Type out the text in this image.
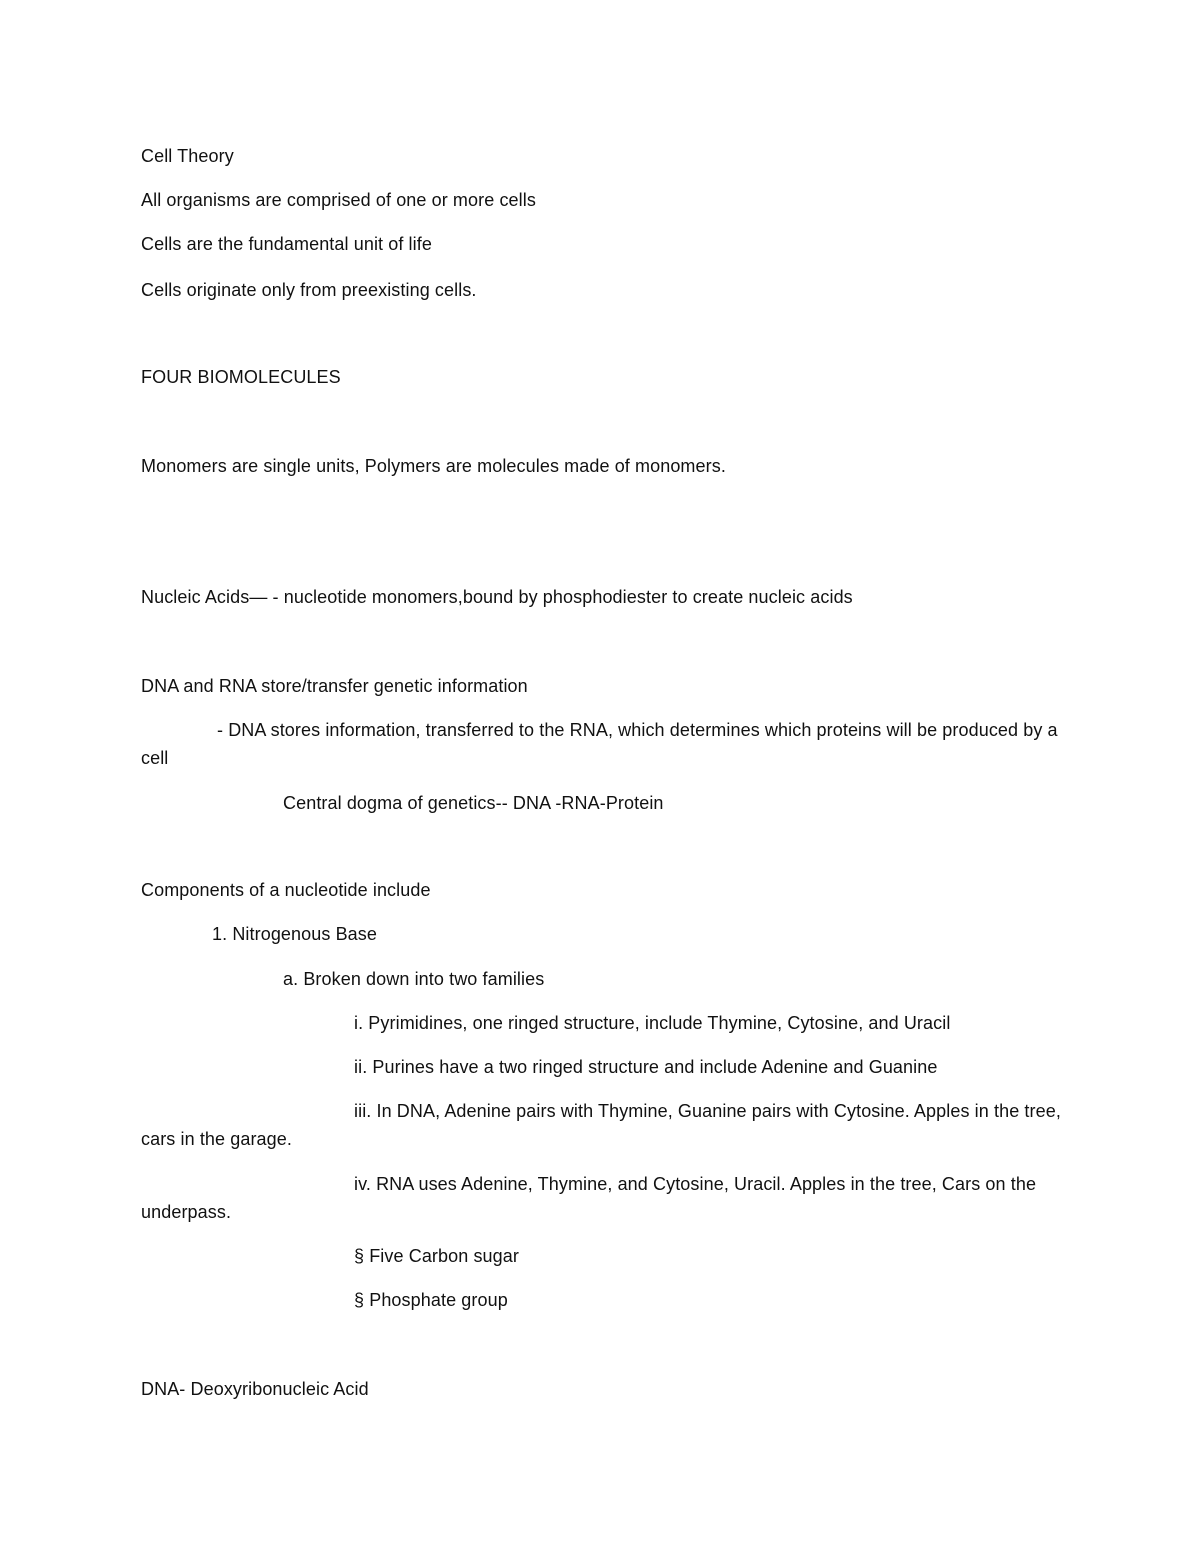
Cell Theory
All organisms are comprised of one or more cells
Cells are the fundamental unit of life
Cells originate only from preexisting cells.
FOUR BIOMOLECULES
Monomers are single units, Polymers are molecules made of monomers.
Nucleic Acids— - nucleotide monomers,bound by phosphodiester to create nucleic acids
DNA and RNA store/transfer genetic information
- DNA stores information, transferred to the RNA, which determines which proteins will be produced by a cell
Central dogma of genetics-- DNA -RNA-Protein
Components of a nucleotide include
1. Nitrogenous Base
a. Broken down into two families
i. Pyrimidines, one ringed structure, include Thymine, Cytosine, and Uracil
ii. Purines have a two ringed structure and include Adenine and Guanine
iii. In DNA, Adenine pairs with Thymine, Guanine pairs with Cytosine. Apples in the tree, cars in the garage.
iv. RNA uses Adenine, Thymine, and Cytosine, Uracil. Apples in the tree, Cars on the underpass.
§ Five Carbon sugar
§ Phosphate group
DNA- Deoxyribonucleic Acid
